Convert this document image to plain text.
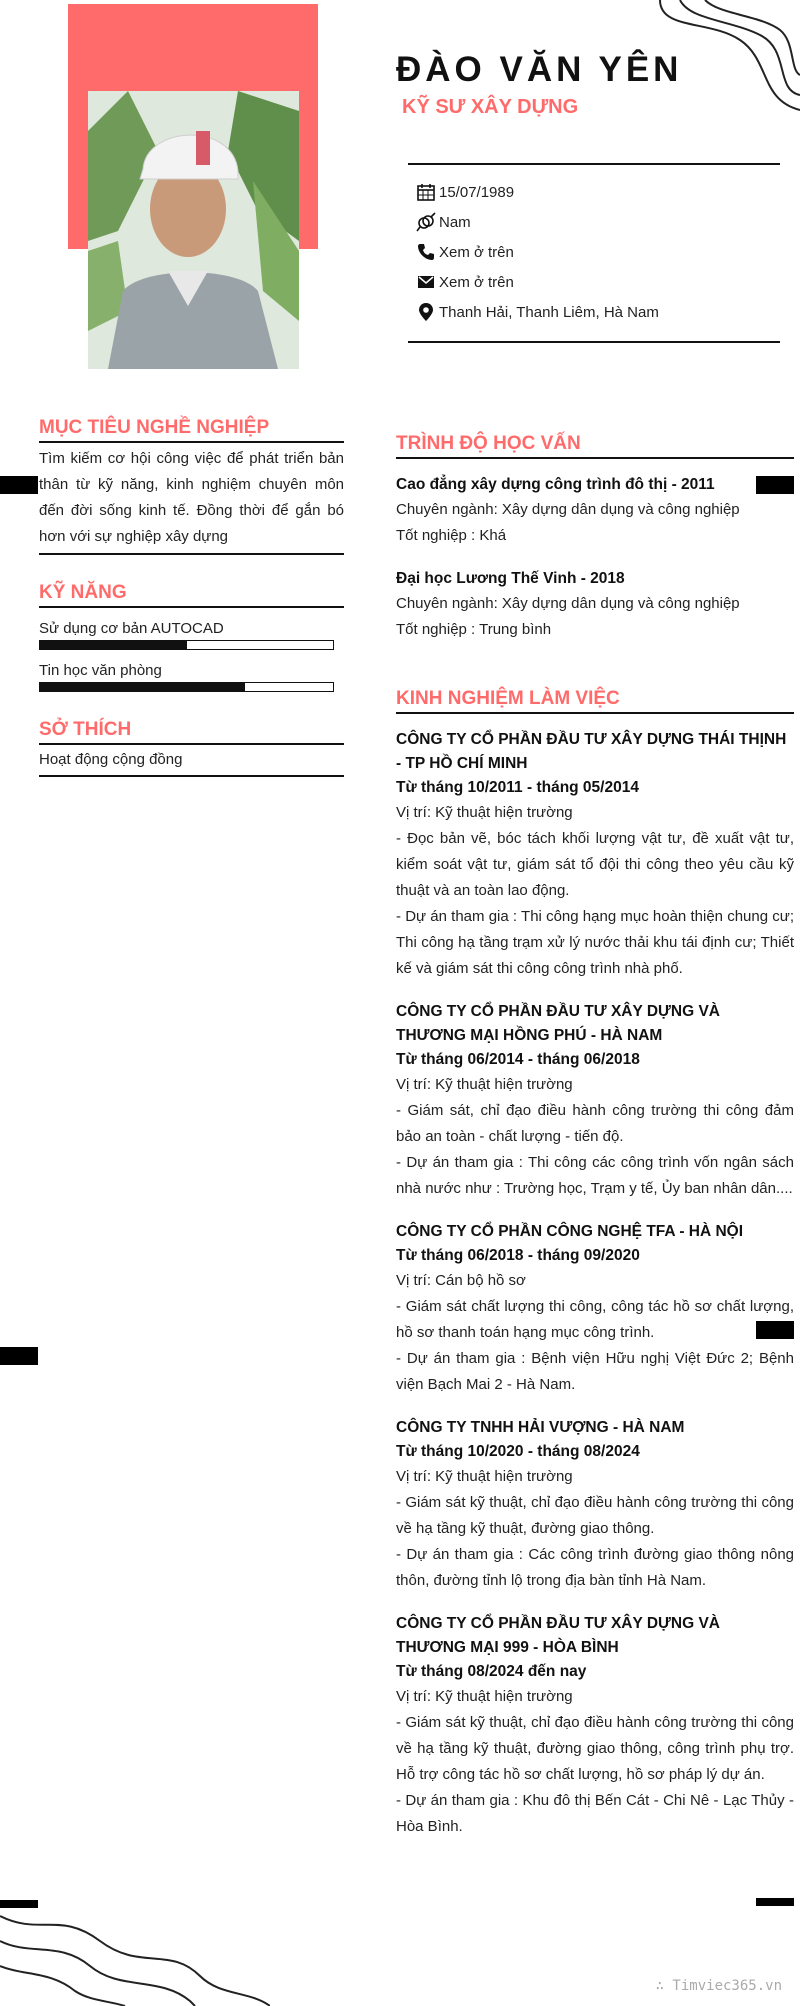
ĐÀO VĂN YÊN
KỸ SƯ XÂY DỰNG
15/07/1989
Nam
Xem ở trên
Xem ở trên
Thanh Hải, Thanh Liêm, Hà Nam
MỤC TIÊU NGHỀ NGHIỆP
Tìm kiếm cơ hội công việc để phát triển bản thân từ kỹ năng, kinh nghiệm chuyên môn đến đời sống kinh tế. Đồng thời để gắn bó hơn với sự nghiệp xây dựng
KỸ NĂNG
Sử dụng cơ bản AUTOCAD
Tin học văn phòng
SỞ THÍCH
Hoạt động cộng đồng
TRÌNH ĐỘ HỌC VẤN
Cao đẳng xây dựng công trình đô thị - 2011
Chuyên ngành: Xây dựng dân dụng và công nghiệp
Tốt nghiệp : Khá
Đại học Lương Thế Vinh - 2018
Chuyên ngành: Xây dựng dân dụng và công nghiệp
Tốt nghiệp : Trung bình
KINH NGHIỆM LÀM VIỆC
CÔNG TY CỔ PHẦN ĐẦU TƯ XÂY DỰNG THÁI THỊNH - TP HỒ CHÍ MINH
Từ tháng 10/2011 - tháng 05/2014
Vị trí: Kỹ thuật hiện trường
- Đọc bản vẽ, bóc tách khối lượng vật tư, đề xuất vật tư, kiểm soát vật tư, giám sát tổ đội thi công theo yêu cầu kỹ thuật và an toàn lao động.
- Dự án tham gia : Thi công hạng mục hoàn thiện chung cư; Thi công hạ tầng trạm xử lý nước thải khu tái định cư; Thiết kế và giám sát thi công công trình nhà phố.
CÔNG TY CỔ PHẦN ĐẦU TƯ XÂY DỰNG VÀ THƯƠNG MẠI HỒNG PHÚ - HÀ NAM
Từ tháng 06/2014 - tháng 06/2018
Vị trí: Kỹ thuật hiện trường
- Giám sát, chỉ đạo điều hành công trường thi công đảm bảo an toàn - chất lượng - tiến độ.
- Dự án tham gia : Thi công các công trình vốn ngân sách nhà nước như : Trường học, Trạm y tế, Ủy ban nhân dân....
CÔNG TY CỔ PHẦN CÔNG NGHỆ TFA - HÀ NỘI
Từ tháng 06/2018 - tháng 09/2020
Vị trí: Cán bộ hồ sơ
- Giám sát chất lượng thi công, công tác hồ sơ chất lượng, hồ sơ thanh toán hạng mục công trình.
- Dự án tham gia : Bệnh viện Hữu nghị Việt Đức 2; Bệnh viện Bạch Mai 2 - Hà Nam.
CÔNG TY TNHH HẢI VƯỢNG - HÀ NAM
Từ tháng 10/2020 - tháng 08/2024
Vị trí: Kỹ thuật hiện trường
- Giám sát kỹ thuật, chỉ đạo điều hành công trường thi công về hạ tầng kỹ thuật, đường giao thông.
- Dự án tham gia : Các công trình đường giao thông nông thôn, đường tỉnh lộ trong địa bàn tỉnh Hà Nam.
CÔNG TY CỔ PHẦN ĐẦU TƯ XÂY DỰNG VÀ THƯƠNG MẠI 999 - HÒA BÌNH
Từ tháng 08/2024 đến nay
Vị trí: Kỹ thuật hiện trường
- Giám sát kỹ thuật, chỉ đạo điều hành công trường thi công về hạ tầng kỹ thuật, đường giao thông, công trình phụ trợ. Hỗ trợ công tác hồ sơ chất lượng, hồ sơ pháp lý dự án.
- Dự án tham gia : Khu đô thị Bến Cát - Chi Nê - Lạc Thủy - Hòa Bình.
∴ Timviec365.vn
